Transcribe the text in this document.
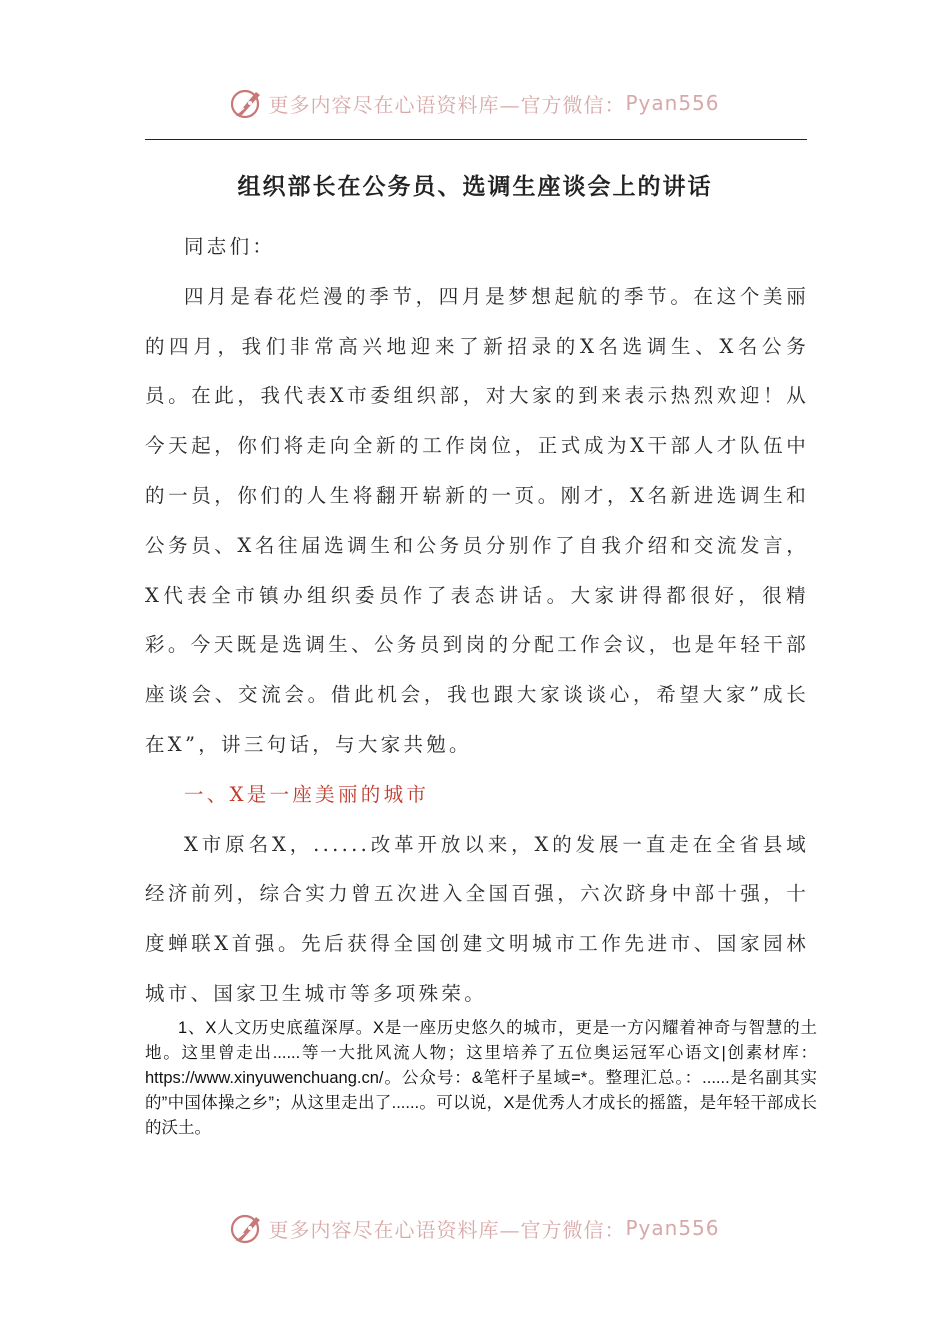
更多内容尽在心语资料库—官方微信： Pyan556
组织部长在公务员、选调生座谈会上的讲话

同志们：

四月是春花烂漫的季节，四月是梦想起航的季节。在这个美丽的四月，我们非常高兴地迎来了新招录的X名选调生、X名公务员。在此，我代表X市委组织部，对大家的到来表示热烈欢迎！从今天起，你们将走向全新的工作岗位，正式成为X干部人才队伍中的一员，你们的人生将翻开崭新的一页。刚才，X名新进选调生和公务员、X名往届选调生和公务员分别作了自我介绍和交流发言，X代表全市镇办组织委员作了表态讲话。大家讲得都很好，很精彩。今天既是选调生、公务员到岗的分配工作会议，也是年轻干部座谈会、交流会。借此机会，我也跟大家谈谈心，希望大家”成长在X”，讲三句话，与大家共勉。

一、X是一座美丽的城市

X市原名X，......改革开放以来，X的发展一直走在全省县域经济前列，综合实力曾五次进入全国百强，六次跻身中部十强，十度蝉联X首强。先后获得全国创建文明城市工作先进市、国家园林城市、国家卫生城市等多项殊荣。

1、X人文历史底蕴深厚。X是一座历史悠久的城市，更是一方闪耀着神奇与智慧的土地。这里曾走出......等一大批风流人物；这里培养了五位奥运冠军心语文|创素材库：https://www.xinyuwenchuang.cn/。公众号：&笔杆子星域=*。整理汇总。：......是名副其实的”中国体操之乡”；从这里走出了......。可以说，X是优秀人才成长的摇篮，是年轻干部成长的沃土。

更多内容尽在心语资料库—官方微信： Pyan556
